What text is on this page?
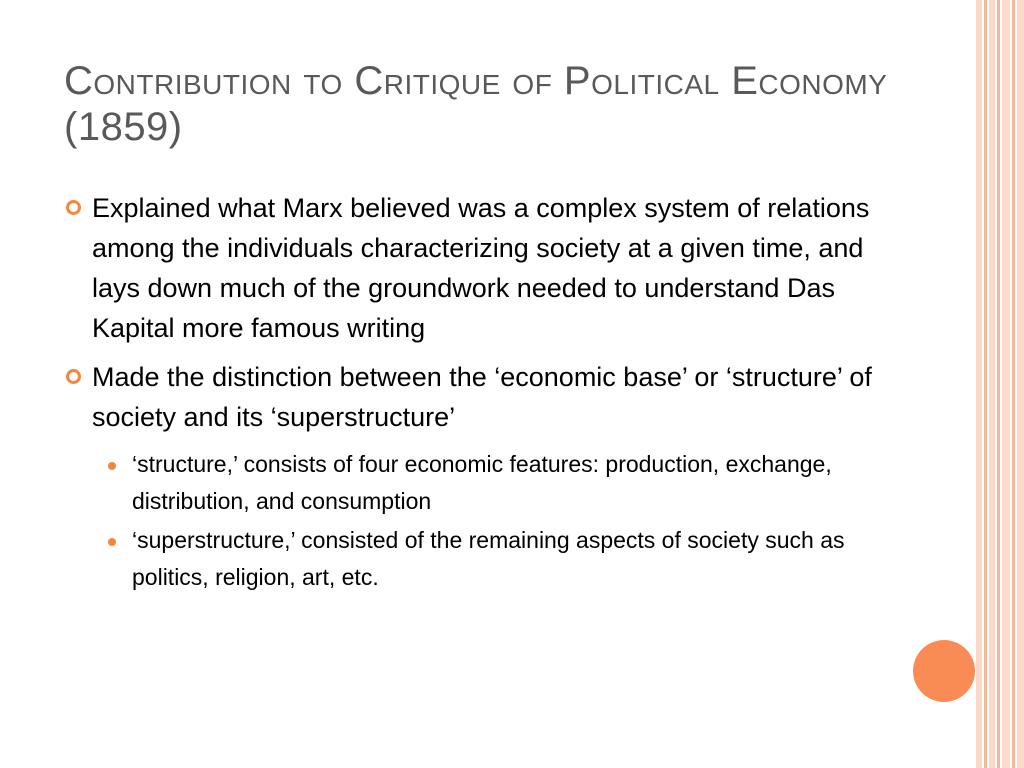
Contribution to Critique of Political Economy (1859)
Explained what Marx believed was a complex system of relations among the individuals characterizing society at a given time, and lays down much of the groundwork needed to understand Das Kapital more famous writing
Made the distinction between the ‘economic base’ or ‘structure’ of society and its ‘superstructure’
‘structure,’ consists of four economic features: production, exchange, distribution, and consumption
‘superstructure,’ consisted of the remaining aspects of society such as politics, religion, art, etc.
